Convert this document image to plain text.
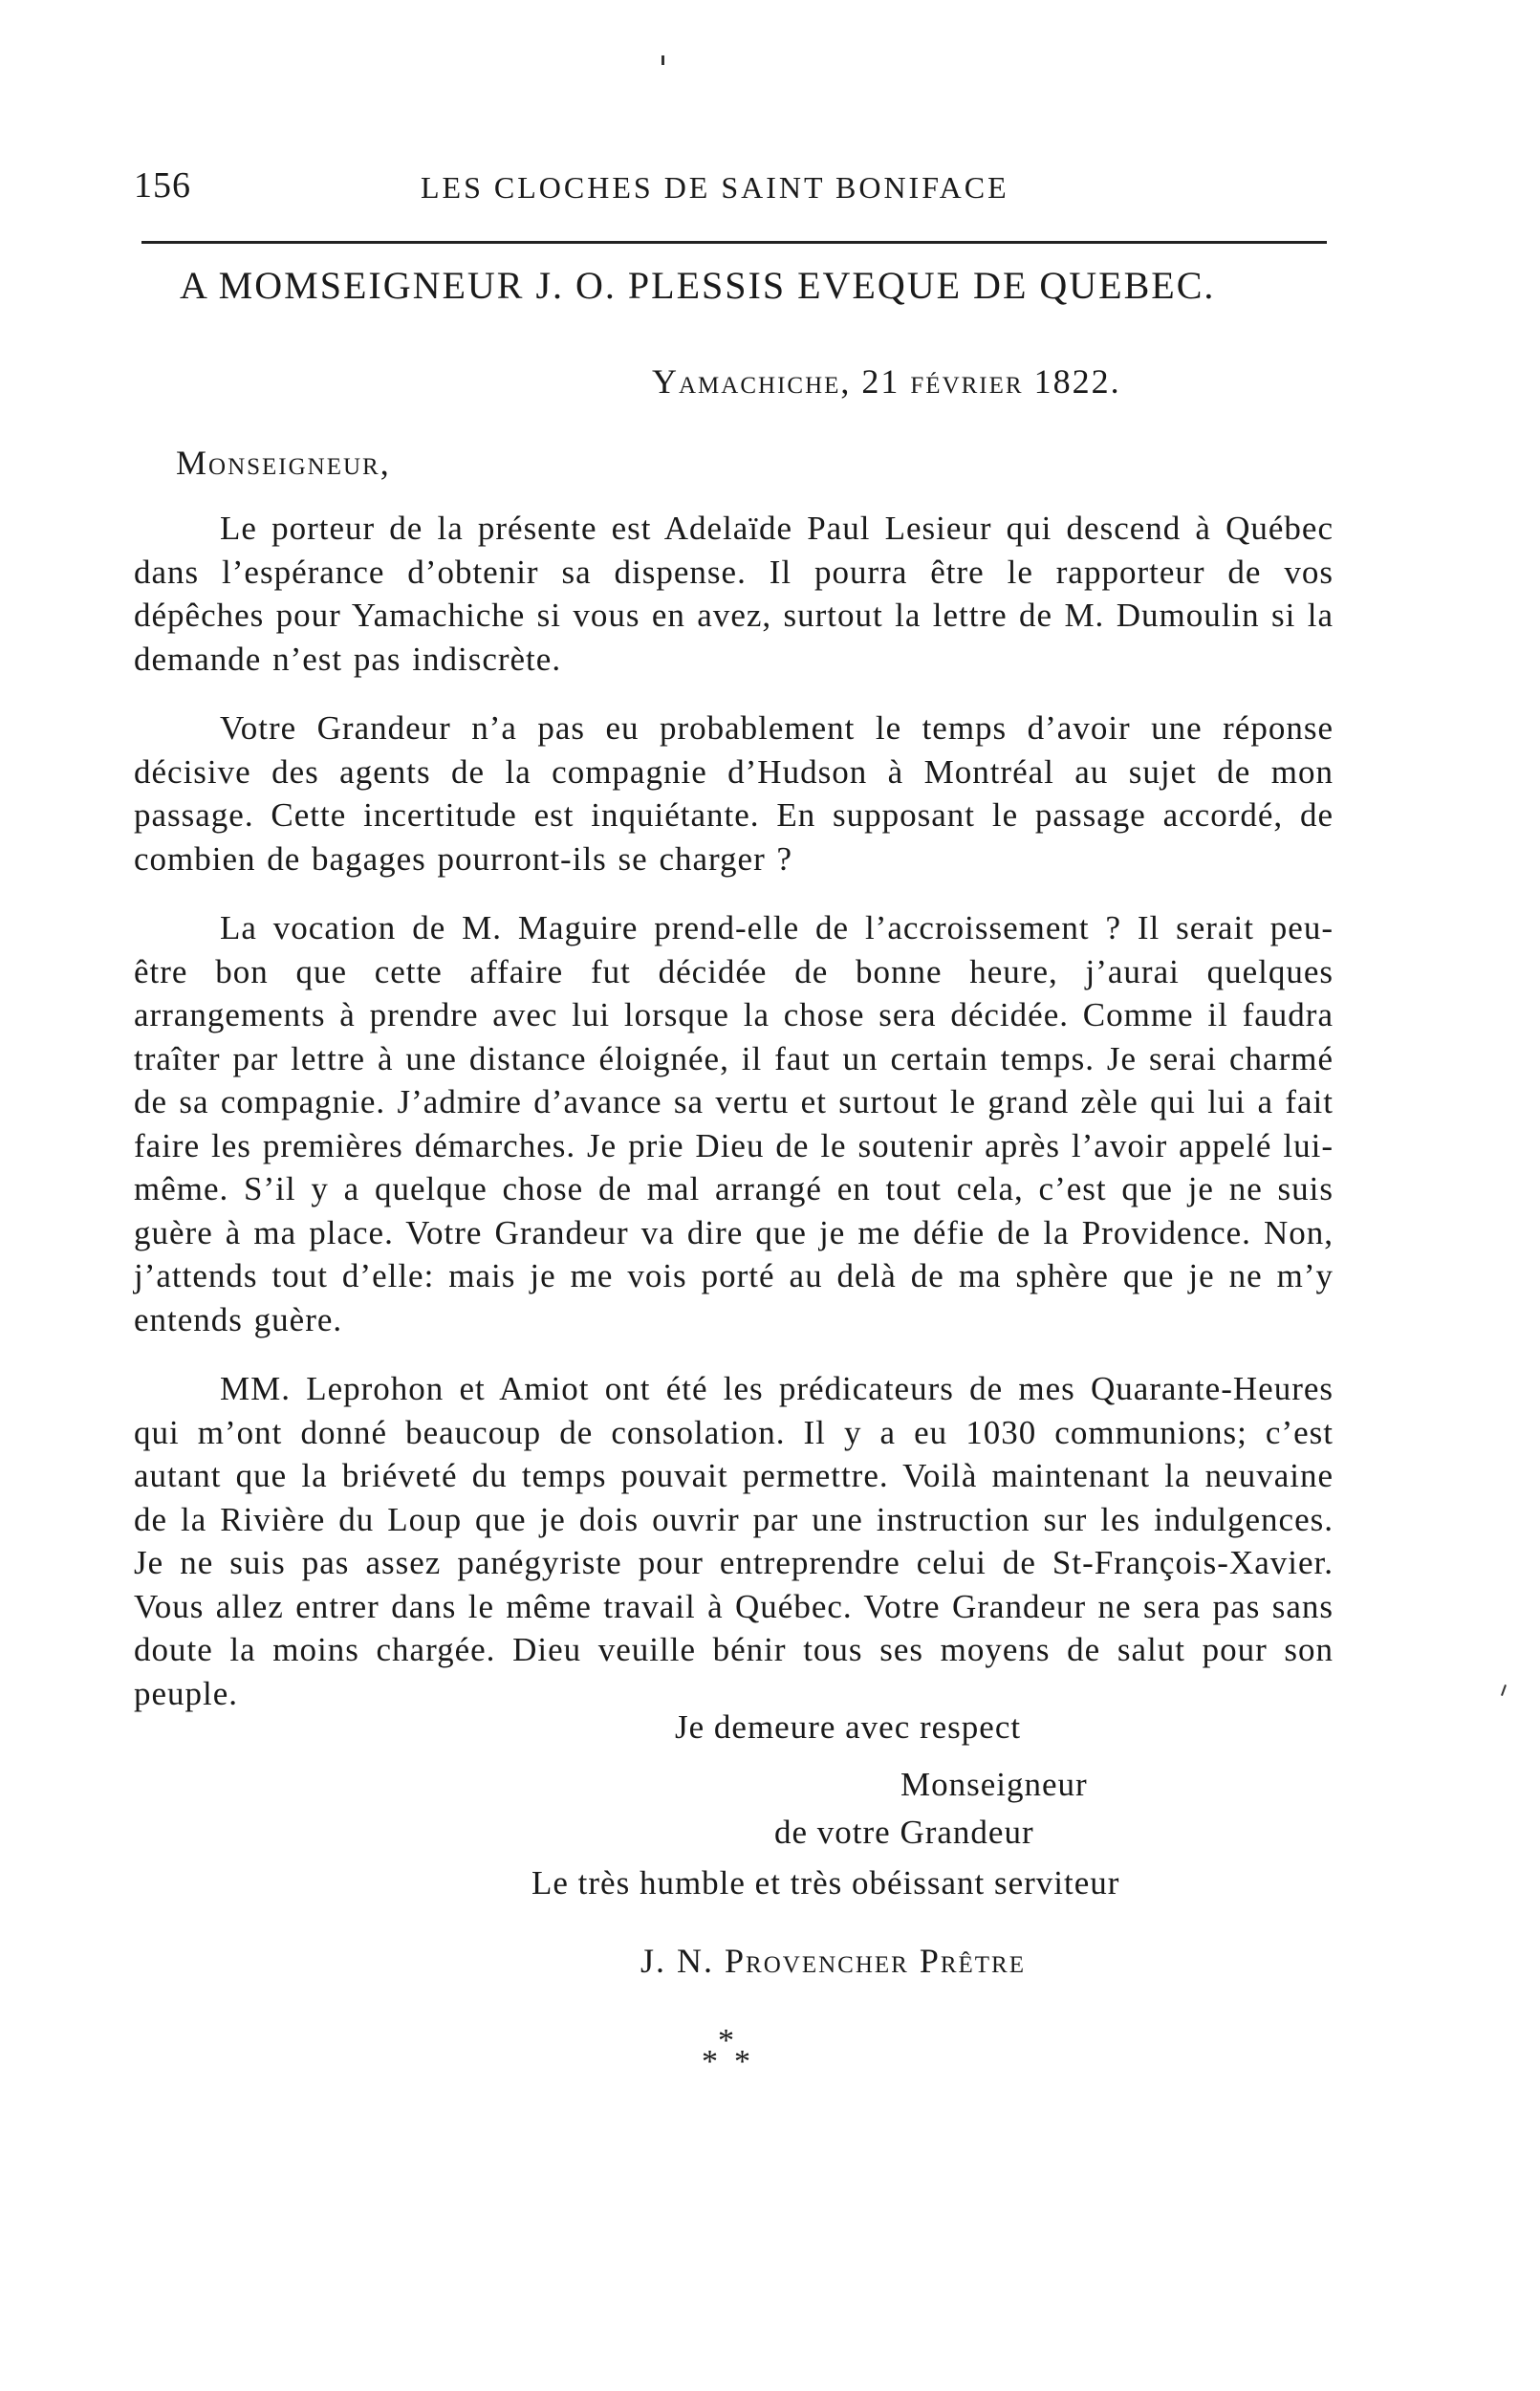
156	LES CLOCHES DE SAINT BONIFACE
A MOMSEIGNEUR J. O. PLESSIS EVEQUE DE QUEBEC.
Yamachiche, 21 février 1822.
Monseigneur,

Le porteur de la présente est Adelaïde Paul Lesieur qui descend à Québec dans l’espérance d’obtenir sa dispense. Il pourra être le rapporteur de vos dépêches pour Yamachiche si vous en avez, surtout la lettre de M. Dumoulin si la demande n’est pas indiscrète.

Votre Grandeur n’a pas eu probablement le temps d’avoir une réponse décisive des agents de la compagnie d’Hudson à Montréal au sujet de mon passage. Cette incertitude est inquiétante. En supposant le passage accordé, de combien de bagages pourront-ils se charger ?

La vocation de M. Maguire prend-elle de l’accroissement ? Il serait peu-être bon que cette affaire fut décidée de bonne heure, j’aurai quelques arrangements à prendre avec lui lorsque la chose sera décidée. Comme il faudra traîter par lettre à une distance éloignée, il faut un certain temps. Je serai charmé de sa compagnie. J’admire d’avance sa vertu et surtout le grand zèle qui lui a fait faire les premières démarches. Je prie Dieu de le soutenir après l’avoir appelé lui-même. S’il y a quelque chose de mal arrangé en tout cela, c’est que je ne suis guère à ma place. Votre Grandeur va dire que je me défie de la Providence. Non, j’attends tout d’elle: mais je me vois porté au delà de ma sphère que je ne m’y entends guère.

MM. Leprohon et Amiot ont été les prédicateurs de mes Quarante-Heures qui m’ont donné beaucoup de consolation. Il y a eu 1030 communions; c’est autant que la briéveté du temps pouvait permettre. Voilà maintenant la neuvaine de la Rivière du Loup que je dois ouvrir par une instruction sur les indulgences. Je ne suis pas assez panégyriste pour entreprendre celui de St-François-Xavier. Vous allez entrer dans le même travail à Québec. Votre Grandeur ne sera pas sans doute la moins chargée. Dieu veuille bénir tous ses moyens de salut pour son peuple.

Je demeure avec respect
Monseigneur
de votre Grandeur
Le très humble et très obéissant serviteur
J. N. Provencher Prêtre
*
* *
